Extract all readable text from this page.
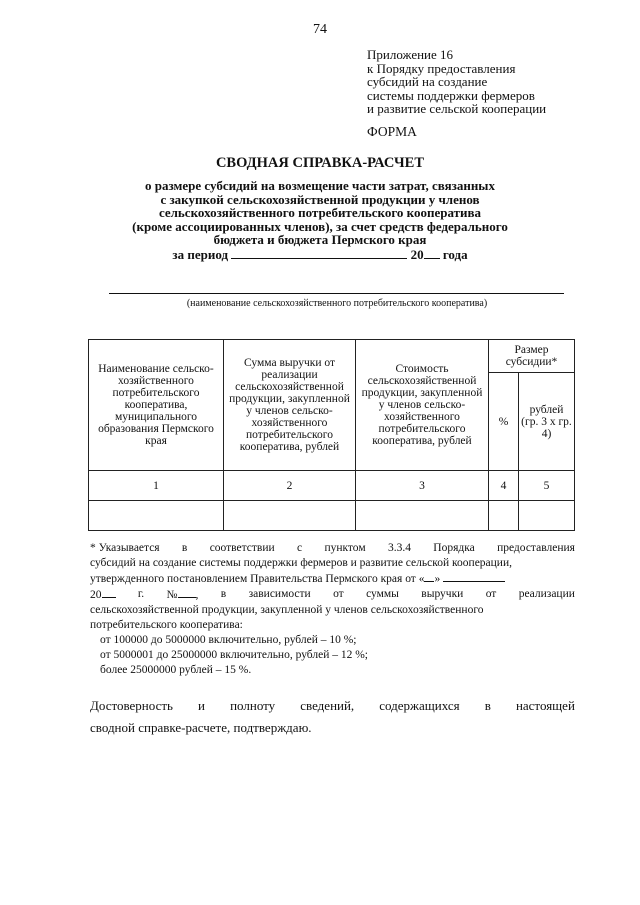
74
Приложение 16
к Порядку предоставления
субсидий на создание
системы поддержки фермеров
и развитие сельской кооперации
ФОРМА
СВОДНАЯ СПРАВКА-РАСЧЕТ
о размере субсидий на возмещение части затрат, связанных
с закупкой сельскохозяйственной продукции у членов
сельскохозяйственного потребительского кооператива
(кроме ассоциированных членов), за счет средств федерального
бюджета и бюджета Пермского края
за период	20 года
(наименование сельскохозяйственного потребительского кооператива)
Наименование сельско-хозяйственного потребительского кооператива, муниципального образования Пермского края	Сумма выручки от реализации сельскохозяйственной продукции, закупленной у членов сельско-хозяйственного потребительского кооператива, рублей	Стоимость сельскохозяйственной продукции, закупленной у членов сельско-хозяйственного потребительского кооператива, рублей	Размер субсидии*	
			%	рублей (гр. 3 х гр. 4)
1	2	3	4	5

* Указывается в соответствии с пунктом 3.3.4 Порядка предоставления
субсидий на создание системы поддержки фермеров и развитие сельской кооперации,
утвержденного постановлением Правительства Пермского края от « »
20	г. № , в зависимости от суммы выручки от реализации
сельскохозяйственной продукции, закупленной у членов сельскохозяйственного
потребительского кооператива:
от 100000 до 5000000 включительно, рублей – 10 %;
от 5000001 до 25000000 включительно, рублей – 12 %;
более 25000000 рублей – 15 %.
Достоверность и полноту сведений, содержащихся в настоящей
сводной справке-расчете, подтверждаю.
